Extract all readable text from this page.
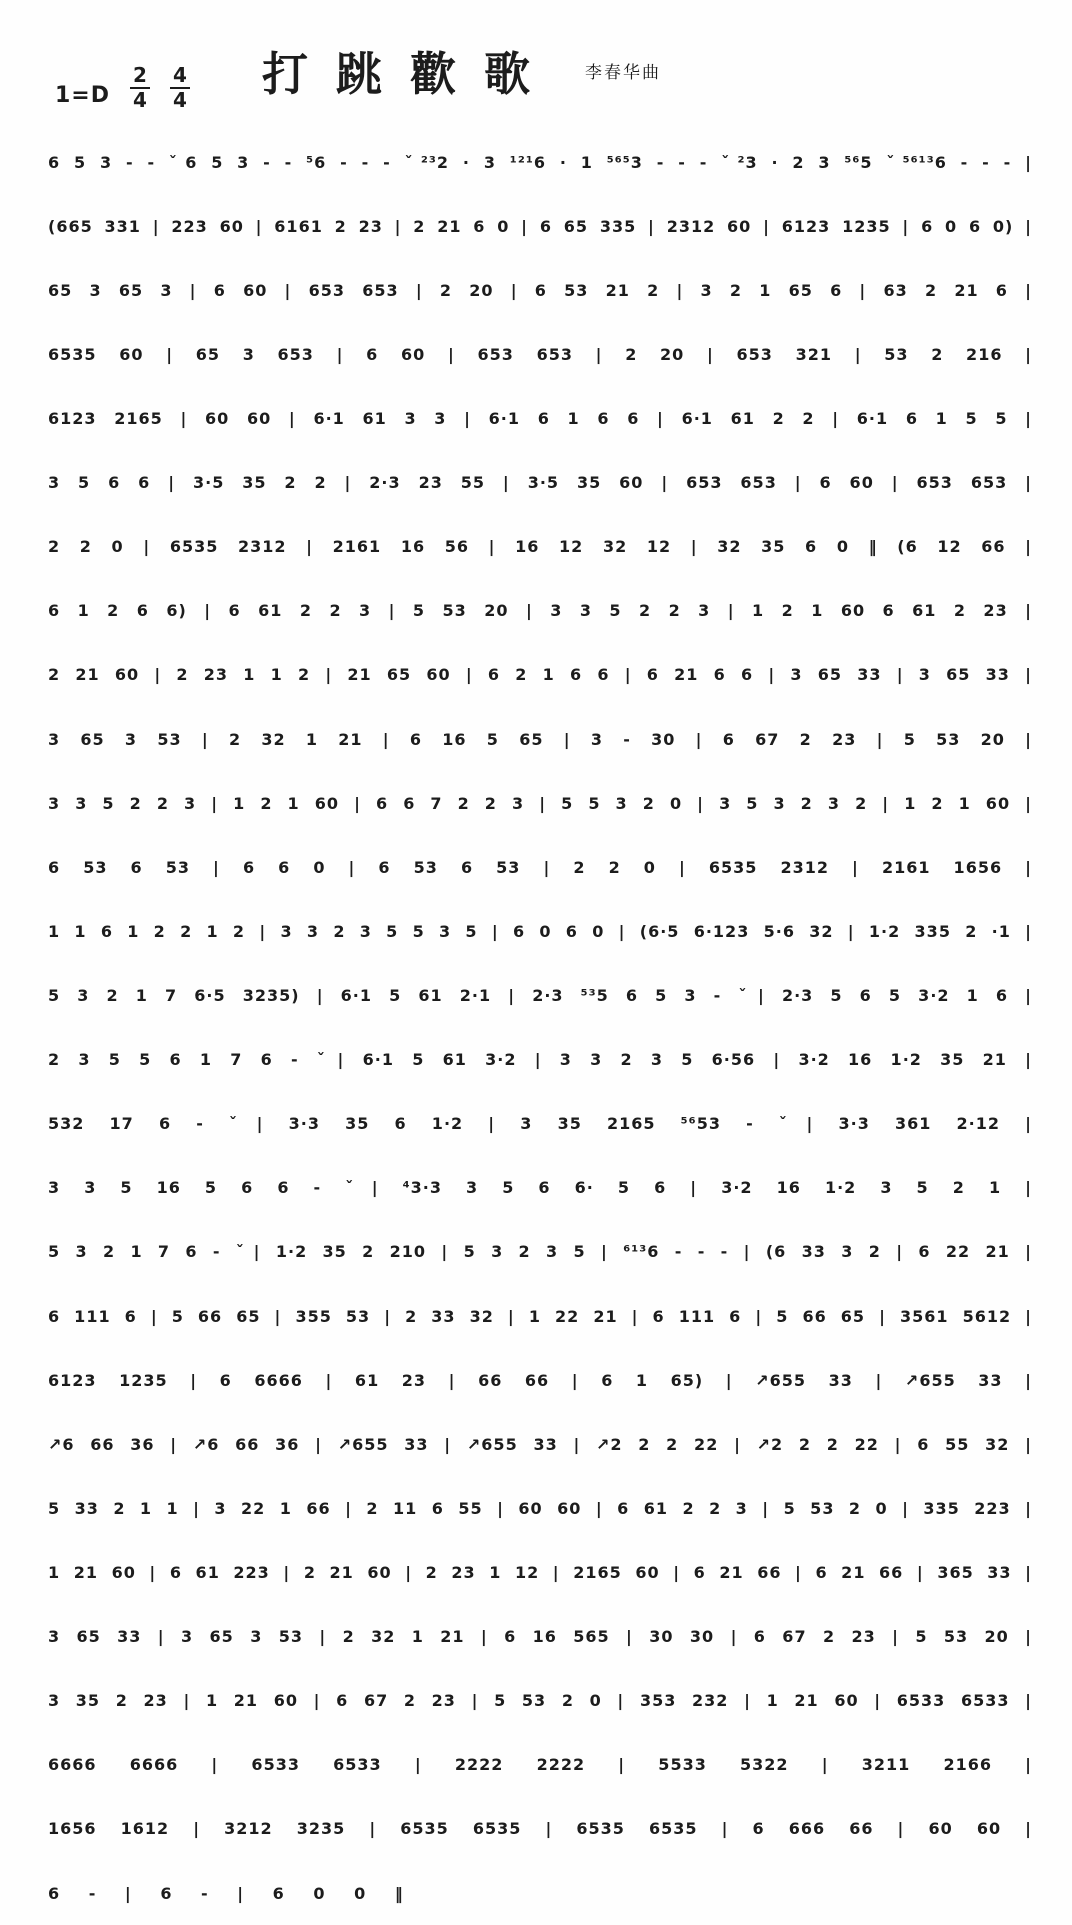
$1=D \frac{2}{4} \frac{4}{4}$ 打跳歡歌 李春华曲
6 5 3 - - ˇ6 5 3 - - ⁵6 - - - ˇ²³2 · 3 ¹²¹6 · 1 ⁵⁶⁵3 - - - ˇ²3 · 2 3 ⁵⁶5 ˇ⁵⁶¹³6 - - - |
(665 331 | 223 60 | 6161 2 23 | 2 21 6 0 | 6 65 335 | 2312 60 | 6123 1235 | 6 0 6 0) |
65 3 65 3 | 6 60 | 653 653 | 2 20 | 6 53 21 2 | 3 2 1 65 6 | 63 2 21 6 |
6535 60 | 65 3 653 | 6 60 | 653 653 | 2 20 | 653 321 | 53 2 216 |
6123 2165 | 60 60 | 6·1 61 3 3 | 6·1 6 1 6 6 | 6·1 61 2 2 | 6·1 6 1 5 5 |
3 5 6 6 | 3·5 35 2 2 | 2·3 23 55 | 3·5 35 60 | 653 653 | 6 60 | 653 653 |
2 2 0 | 6535 2312 | 2161 16 56 | 16 12 32 12 | 32 35 6 0 ‖ (6 12 66 |
6 1 2 6 6) | 6 61 2 2 3 | 5 53 20 | 3 3 5 2 2 3 | 1 2 1 60 6 61 2 23 |
2 21 60 | 2 23 1 1 2 | 21 65 60 | 6 2 1 6 6 | 6 21 6 6 | 3 65 33 | 3 65 33 |
3 65 3 53 | 2 32 1 21 | 6 16 5 65 | 3 - 30 | 6 67 2 23 | 5 53 20 |
3 3 5 2 2 3 | 1 2 1 60 | 6 6 7 2 2 3 | 5 5 3 2 0 | 3 5 3 2 3 2 | 1 2 1 60 |
6 53 6 53 | 6 6 0 | 6 53 6 53 | 2 2 0 | 6535 2312 | 2161 1656 |
1 1 6 1 2 2 1 2 | 3 3 2 3 5 5 3 5 | 6 0 6 0 | (6·5 6·123 5·6 32 | 1·2 335 2 ·1 |
5 3 2 1 7 6·5 3235) | 6·1 5 61 2·1 | 2·3 ⁵³5 6 5 3 - ˇ| 2·3 5 6 5 3·2 1 6 |
2 3 5 5 6 1 7 6 - ˇ| 6·1 5 61 3·2 | 3 3 2 3 5 6·56 | 3·2 16 1·2 35 21 |
532 17 6 - ˇ| 3·3 35 6 1·2 | 3 35 2165 ⁵⁶53 - ˇ| 3·3 361 2·12 |
3 3 5 16 5 6 6 - ˇ| ⁴3·3 3 5 6 6· 5 6 | 3·2 16 1·2 3 5 2 1 |
5 3 2 1 7 6 - ˇ| 1·2 35 2 210 | 5 3 2 3 5 | ⁶¹³6 - - - | (6 33 3 2 | 6 22 21 |
6 111 6 | 5 66 65 | 355 53 | 2 33 32 | 1 22 21 | 6 111 6 | 5 66 65 | 3561 5612 |
6123 1235 | 6 6666 | 61 23 | 66 66 | 6 1 65) | ↗655 33 | ↗655 33 |
↗6 66 36 | ↗6 66 36 | ↗655 33 | ↗655 33 | ↗2 2 2 22 | ↗2 2 2 22 | 6 55 32 |
5 33 2 1 1 | 3 22 1 66 | 2 11 6 55 | 60 60 | 6 61 2 2 3 | 5 53 2 0 | 335 223 |
1 21 60 | 6 61 223 | 2 21 60 | 2 23 1 12 | 2165 60 | 6 21 66 | 6 21 66 | 365 33 |
3 65 33 | 3 65 3 53 | 2 32 1 21 | 6 16 565 | 30 30 | 6 67 2 23 | 5 53 20 |
3 35 2 23 | 1 21 60 | 6 67 2 23 | 5 53 2 0 | 353 232 | 1 21 60 | 6533 6533 |
6666 6666 | 6533 6533 | 2222 2222 | 5533 5322 | 3211 2166 |
1656 1612 | 3212 3235 | 6535 6535 | 6535 6535 | 6 666 66 | 60 60 |
6 - | 6 - | 6 0 0 ‖
